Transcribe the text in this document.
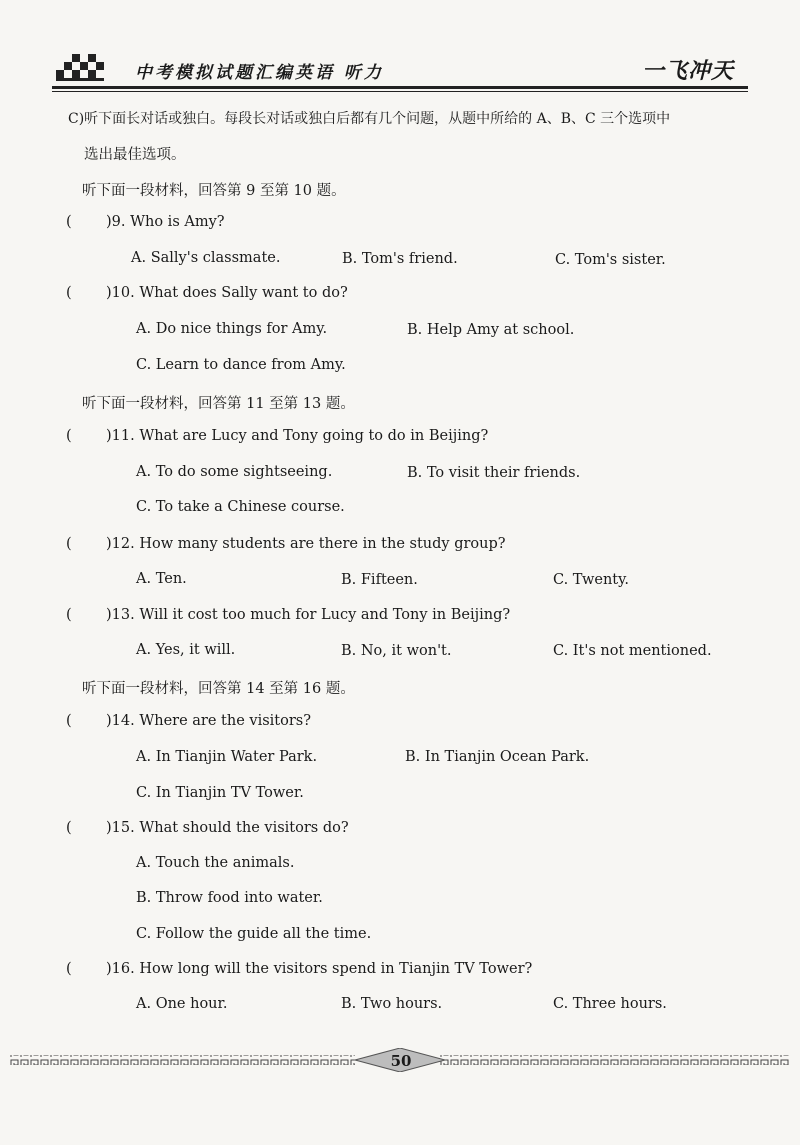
中考模拟试题汇编英语 听力	一飞冲天
C)听下面长对话或独白。每段长对话或独白后都有几个问题，从题中所给的 A、B、C 三个选项中
选出最佳选项。
听下面一段材料，回答第 9 至第 10 题。
( )9. Who is Amy?
A. Sally's classmate.	B. Tom's friend.	C. Tom's sister.
( )10. What does Sally want to do?
A. Do nice things for Amy.	B. Help Amy at school.
C. Learn to dance from Amy.
听下面一段材料，回答第 11 至第 13 题。
( )11. What are Lucy and Tony going to do in Beijing?
A. To do some sightseeing.	B. To visit their friends.
C. To take a Chinese course.
( )12. How many students are there in the study group?
A. Ten.	B. Fifteen.	C. Twenty.
( )13. Will it cost too much for Lucy and Tony in Beijing?
A. Yes, it will.	B. No, it won't.	C. It's not mentioned.
听下面一段材料，回答第 14 至第 16 题。
( )14. Where are the visitors?
A. In Tianjin Water Park.	B. In Tianjin Ocean Park.
C. In Tianjin TV Tower.
( )15. What should the visitors do?
A. Touch the animals.
B. Throw food into water.
C. Follow the guide all the time.
( )16. How long will the visitors spend in Tianjin TV Tower?
A. One hour.	B. Two hours.	C. Three hours.
50
